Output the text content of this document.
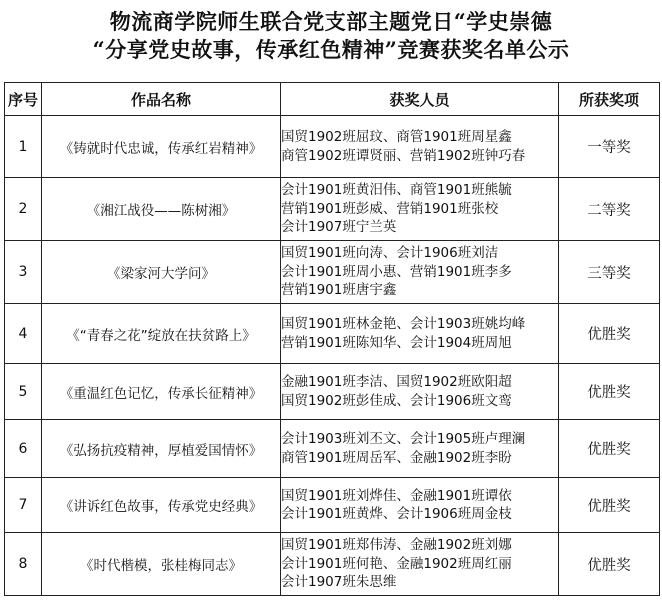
物流商学院师生联合党支部主题党日“学史崇德
“分享党史故事，传承红色精神”竞赛获奖名单公示
序号	作品名称	获奖人员	所获奖项
1	《铸就时代忠诚，传承红岩精神》	国贸1902班屈玟、商管1901班周星鑫
商管1902班谭贤丽、营销1902班钟巧春	一等奖
2	《湘江战役——陈树湘》	会计1901班黄汨伟、商管1901班熊毓
营销1901班彭威、营销1901班张校
会计1907班宁兰英	二等奖
3	《梁家河大学问》	国贸1901班向涛、会计1906班刘洁
会计1901班周小惠、营销1901班李多
营销1901班唐宇鑫	三等奖
4	《“青春之花”绽放在扶贫路上》	国贸1901班林金艳、会计1903班姚均峰
营销1901班陈知华、会计1904班周旭	优胜奖
5	《重温红色记忆，传承长征精神》	金融1901班李洁、国贸1902班欧阳超
国贸1902班彭佳成、会计1906班文鸾	优胜奖
6	《弘扬抗疫精神，厚植爱国情怀》	会计1903班刘丕文、会计1905班卢理澜
商管1901班周岳军、金融1902班李盼	优胜奖
7	《讲诉红色故事，传承党史经典》	国贸1901班刘烨佳、金融1901班谭依
会计1901班黄烨、会计1906班周金枝	优胜奖
8	《时代楷模，张桂梅同志》	国贸1901班郑伟涛、金融1902班刘娜
会计1901班何艳、金融1902班周红丽
会计1907班朱思维	优胜奖
